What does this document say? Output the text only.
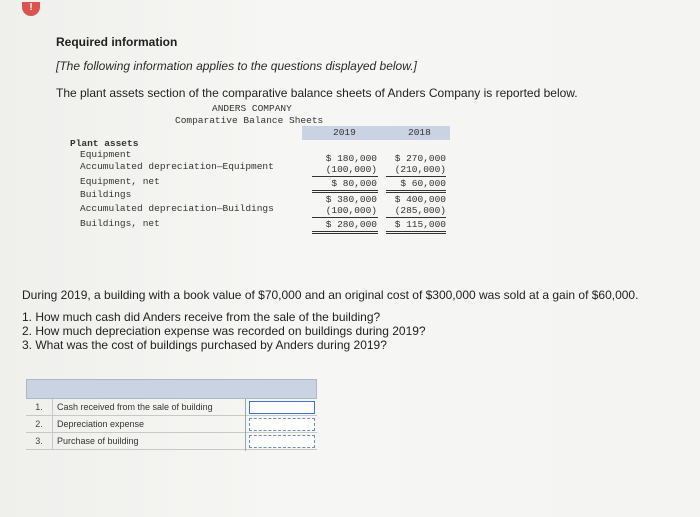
!
Required information
[The following information applies to the questions displayed below.]
The plant assets section of the comparative balance sheets of Anders Company is reported below.
ANDERS COMPANY
Comparative Balance Sheets
2019	2018
Plant assets
Equipment	$ 180,000	$ 270,000
Accumulated depreciation—Equipment	(100,000)	(210,000)
Equipment, net	$ 80,000	$ 60,000
Buildings	$ 380,000	$ 400,000
Accumulated depreciation—Buildings	(100,000)	(285,000)
Buildings, net	$ 280,000	$ 115,000
During 2019, a building with a book value of $70,000 and an original cost of $300,000 was sold at a gain of $60,000.
1. How much cash did Anders receive from the sale of the building?
2. How much depreciation expense was recorded on buildings during 2019?
3. What was the cost of buildings purchased by Anders during 2019?
1.	Cash received from the sale of building
2.	Depreciation expense
3.	Purchase of building
